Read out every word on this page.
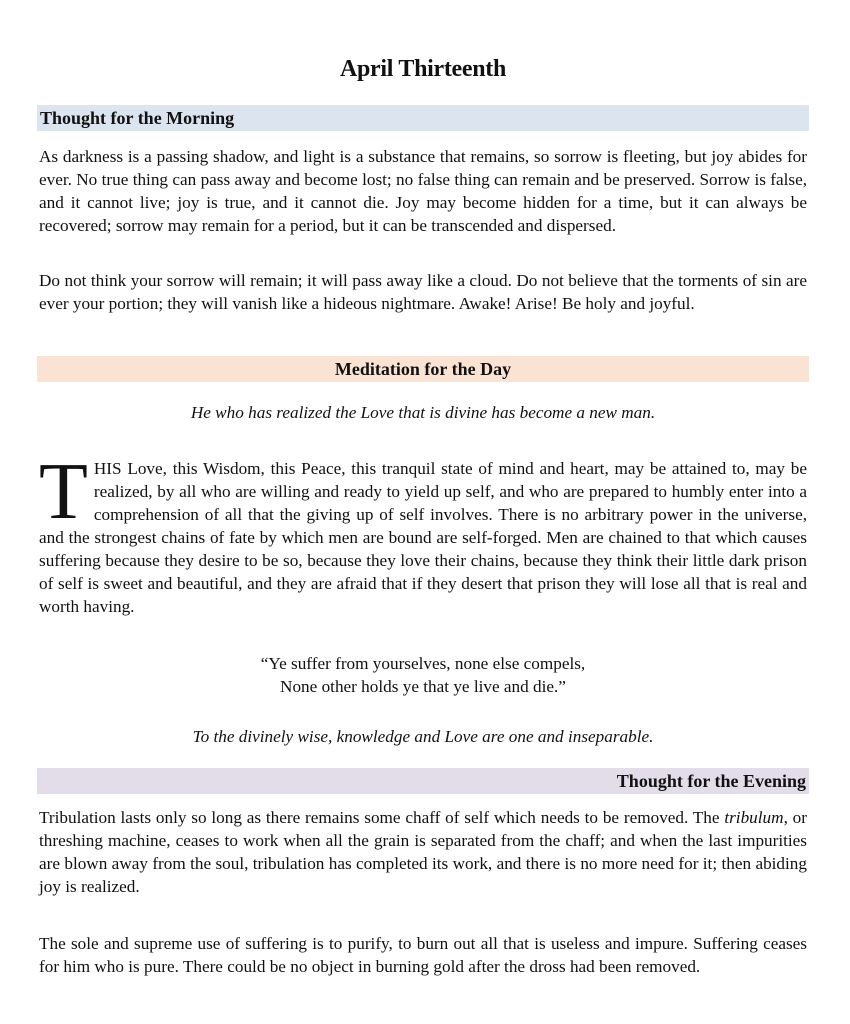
April Thirteenth
Thought for the Morning
As darkness is a passing shadow, and light is a substance that remains, so sorrow is fleeting, but joy abides for ever. No true thing can pass away and become lost; no false thing can remain and be preserved. Sorrow is false, and it cannot live; joy is true, and it cannot die. Joy may become hidden for a time, but it can always be recovered; sorrow may remain for a period, but it can be transcended and dispersed.
Do not think your sorrow will remain; it will pass away like a cloud. Do not believe that the torments of sin are ever your portion; they will vanish like a hideous nightmare. Awake! Arise! Be holy and joyful.
Meditation for the Day
He who has realized the Love that is divine has become a new man.
THIS Love, this Wisdom, this Peace, this tranquil state of mind and heart, may be attained to, may be realized, by all who are willing and ready to yield up self, and who are prepared to humbly enter into a comprehension of all that the giving up of self involves. There is no arbitrary power in the universe, and the strongest chains of fate by which men are bound are self-forged. Men are chained to that which causes suffering because they desire to be so, because they love their chains, because they think their little dark prison of self is sweet and beautiful, and they are afraid that if they desert that prison they will lose all that is real and worth having.
“Ye suffer from yourselves, none else compels,
None other holds ye that ye live and die.”
To the divinely wise, knowledge and Love are one and inseparable.
Thought for the Evening
Tribulation lasts only so long as there remains some chaff of self which needs to be removed. The tribulum, or threshing machine, ceases to work when all the grain is separated from the chaff; and when the last impurities are blown away from the soul, tribulation has completed its work, and there is no more need for it; then abiding joy is realized.
The sole and supreme use of suffering is to purify, to burn out all that is useless and impure. Suffering ceases for him who is pure. There could be no object in burning gold after the dross had been removed.
